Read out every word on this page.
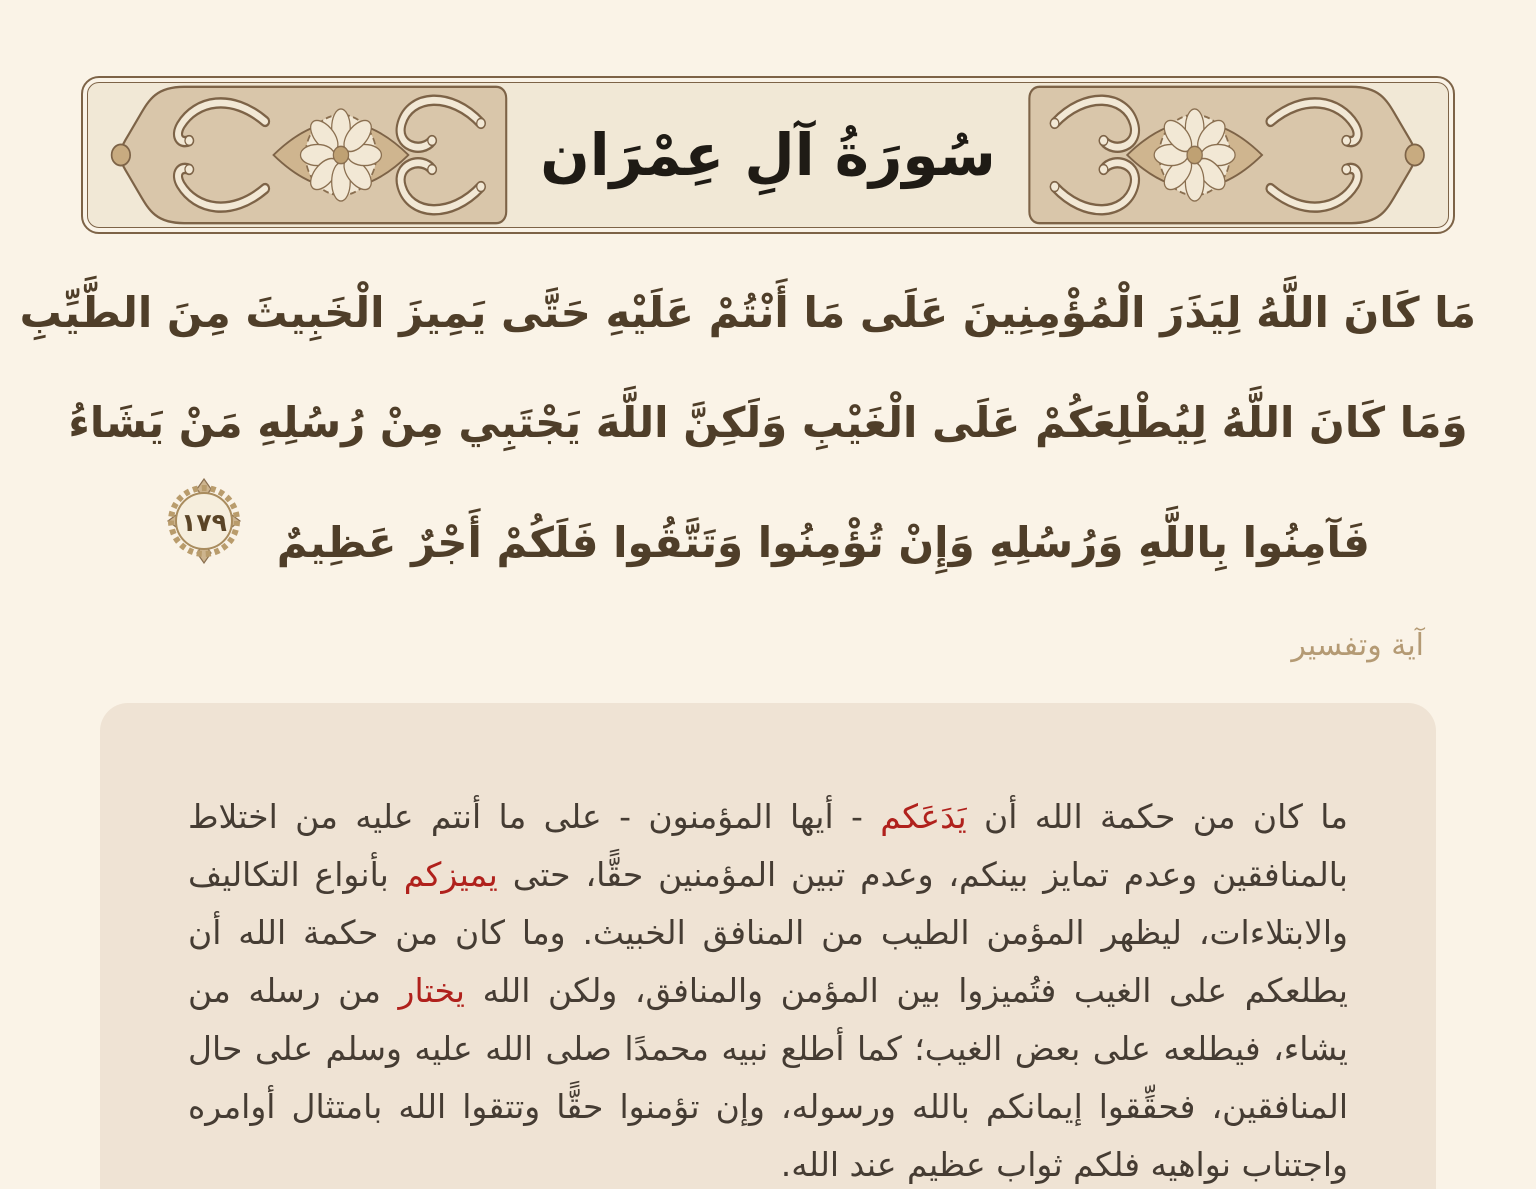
سُورَةُ آلِ عِمْرَان
مَا كَانَ اللَّهُ لِيَذَرَ الْمُؤْمِنِينَ عَلَى مَا أَنْتُمْ عَلَيْهِ حَتَّى يَمِيزَ الْخَبِيثَ مِنَ الطَّيِّبِ
وَمَا كَانَ اللَّهُ لِيُطْلِعَكُمْ عَلَى الْغَيْبِ وَلَكِنَّ اللَّهَ يَجْتَبِي مِنْ رُسُلِهِ مَنْ يَشَاءُ
فَآمِنُوا بِاللَّهِ وَرُسُلِهِ وَإِنْ تُؤْمِنُوا وَتَتَّقُوا فَلَكُمْ أَجْرٌ عَظِيمٌ
١٧٩
آية وتفسير

ما كان من حكمة الله أن يَدَعَكم - أيها المؤمنون - على ما أنتم عليه من اختلاط بالمنافقين وعدم تمايز بينكم، وعدم تبين المؤمنين حقًّا، حتى يميزكم بأنواع التكاليف والابتلاءات، ليظهر المؤمن الطيب من المنافق الخبيث. وما كان من حكمة الله أن يطلعكم على الغيب فتُميزوا بين المؤمن والمنافق، ولكن الله يختار من رسله من يشاء، فيطلعه على بعض الغيب؛ كما أطلع نبيه محمدًا صلى الله عليه وسلم على حال المنافقين، فحقِّقوا إيمانكم بالله ورسوله، وإن تؤمنوا حقًّا وتتقوا الله بامتثال أوامره واجتناب نواهيه فلكم ثواب عظيم عند الله.
